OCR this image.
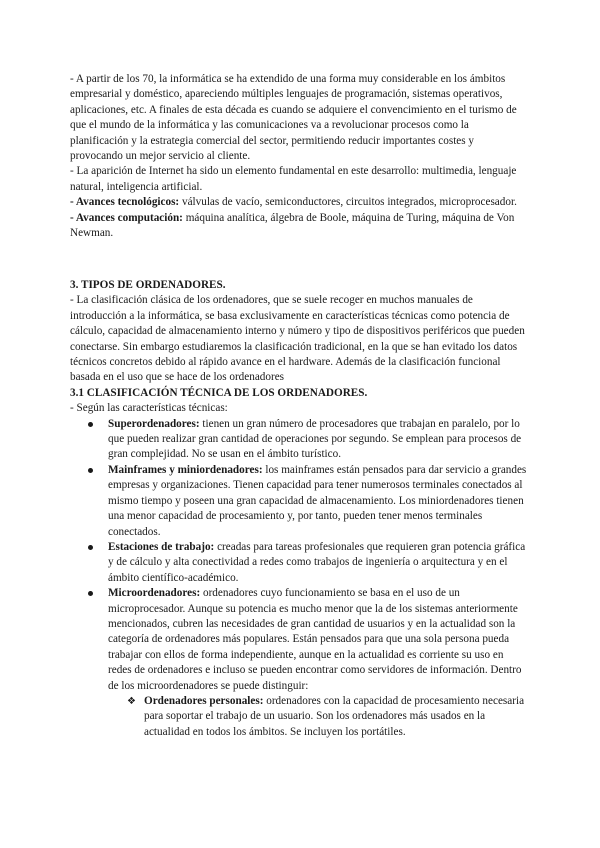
- A partir de los 70, la informática se ha extendido de una forma muy considerable en los ámbitos empresarial y doméstico, apareciendo múltiples lenguajes de programación, sistemas operativos, aplicaciones, etc. A finales de esta década es cuando se adquiere el convencimiento en el turismo de que el mundo de la informática y las comunicaciones va a revolucionar procesos como la planificación y la estrategia comercial del sector, permitiendo reducir importantes costes y provocando un mejor servicio al cliente.

- La aparición de Internet ha sido un elemento fundamental en este desarrollo: multimedia, lenguaje natural, inteligencia artificial.

- Avances tecnológicos: válvulas de vacío, semiconductores, circuitos integrados, microprocesador.

- Avances computación: máquina analítica, álgebra de Boole, máquina de Turing, máquina de Von Newman.

3. TIPOS DE ORDENADORES.

- La clasificación clásica de los ordenadores, que se suele recoger en muchos manuales de introducción a la informática, se basa exclusivamente en características técnicas como potencia de cálculo, capacidad de almacenamiento interno y número y tipo de dispositivos periféricos que pueden conectarse. Sin embargo estudiaremos la clasificación tradicional, en la que se han evitado los datos técnicos concretos debido al rápido avance en el hardware. Además de la clasificación funcional basada en el uso que se hace de los ordenadores

3.1 CLASIFICACIÓN TÉCNICA DE LOS ORDENADORES.

- Según las características técnicas:

Superordenadores: tienen un gran número de procesadores que trabajan en paralelo, por lo que pueden realizar gran cantidad de operaciones por segundo. Se emplean para procesos de gran complejidad. No se usan en el ámbito turístico.
Mainframes y miniordenadores: los mainframes están pensados para dar servicio a grandes empresas y organizaciones. Tienen capacidad para tener numerosos terminales conectados al mismo tiempo y poseen una gran capacidad de almacenamiento. Los miniordenadores tienen una menor capacidad de procesamiento y, por tanto, pueden tener menos terminales conectados.
Estaciones de trabajo: creadas para tareas profesionales que requieren gran potencia gráfica y de cálculo y alta conectividad a redes como trabajos de ingeniería o arquitectura y en el ámbito científico-académico.
Microordenadores: ordenadores cuyo funcionamiento se basa en el uso de un microprocesador. Aunque su potencia es mucho menor que la de los sistemas anteriormente mencionados, cubren las necesidades de gran cantidad de usuarios y en la actualidad son la categoría de ordenadores más populares. Están pensados para que una sola persona pueda trabajar con ellos de forma independiente, aunque en la actualidad es corriente su uso en redes de ordenadores e incluso se pueden encontrar como servidores de información. Dentro de los microordenadores se puede distinguir:
❖ Ordenadores personales: ordenadores con la capacidad de procesamiento necesaria para soportar el trabajo de un usuario. Son los ordenadores más usados en la actualidad en todos los ámbitos. Se incluyen los portátiles.
